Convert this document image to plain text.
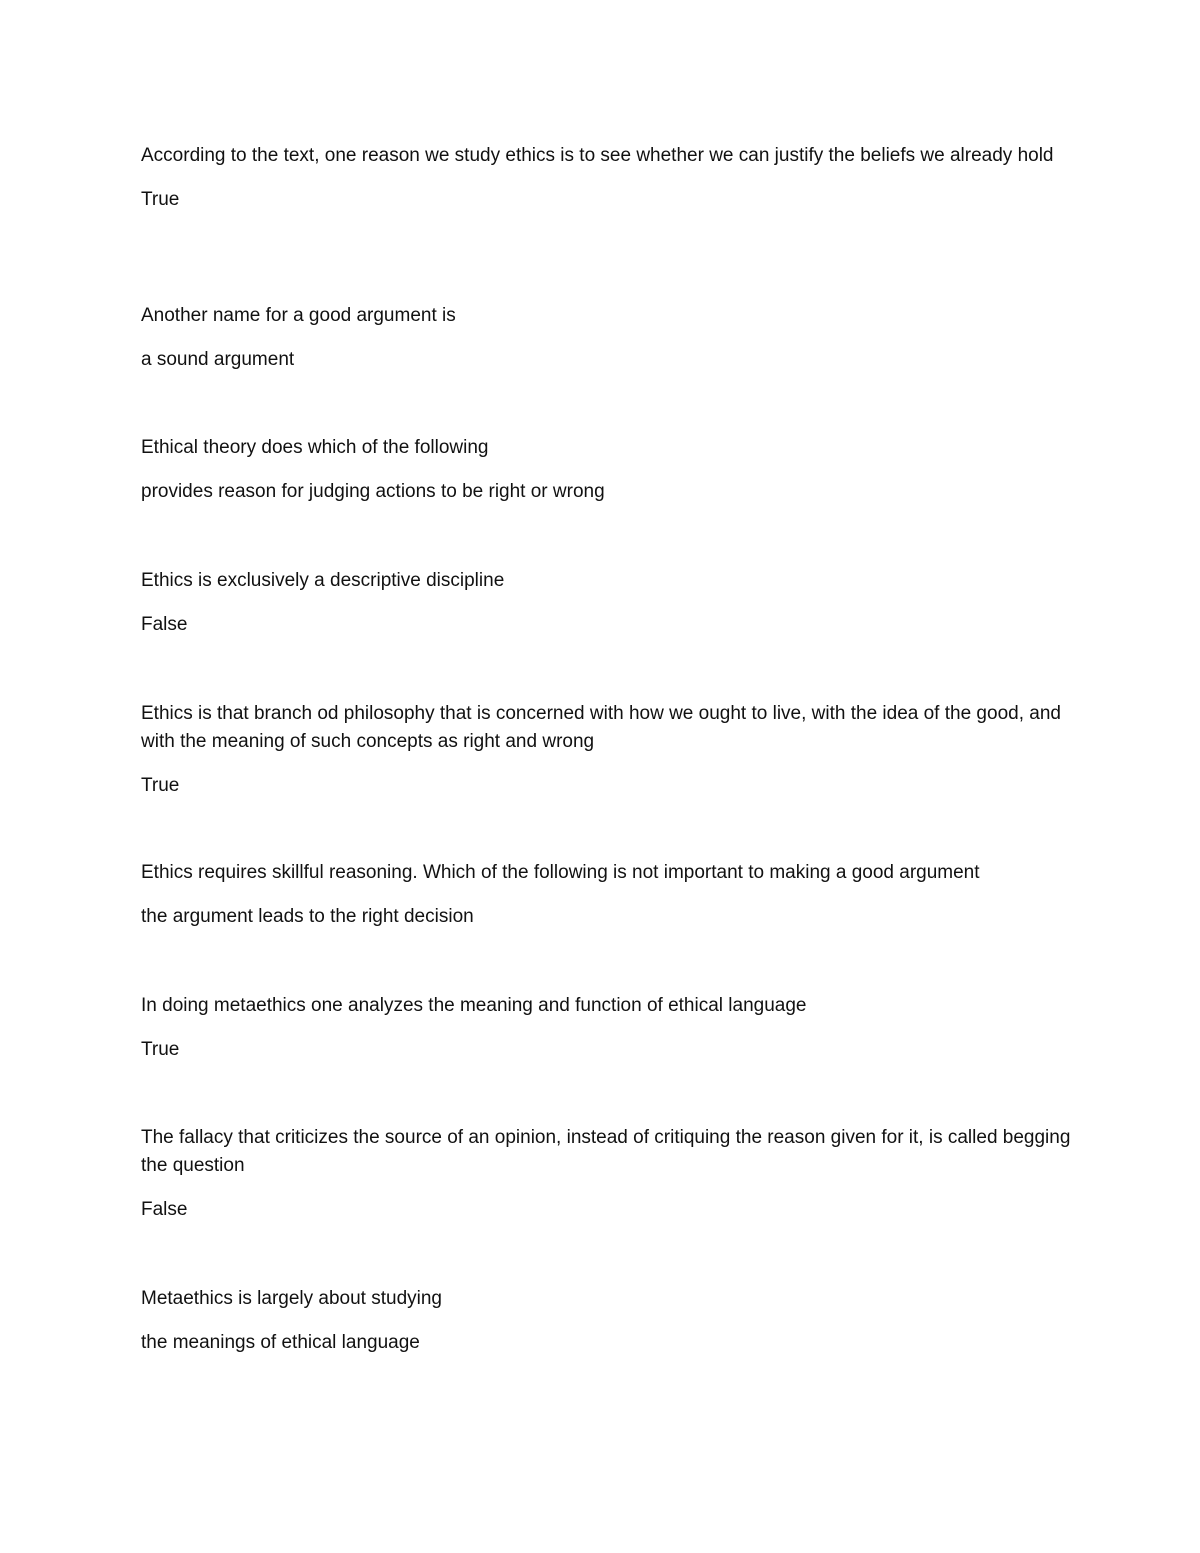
According to the text, one reason we study ethics is to see whether we can justify the beliefs we already hold

True

Another name for a good argument is

a sound argument

Ethical theory does which of the following

provides reason for judging actions to be right or wrong

Ethics is exclusively a descriptive discipline

False

Ethics is that branch od philosophy that is concerned with how we ought to live, with the idea of the good, and with the meaning of such concepts as right and wrong

True

Ethics requires skillful reasoning. Which of the following is not important to making a good argument

the argument leads to the right decision

In doing metaethics one analyzes the meaning and function of ethical language

True

The fallacy that criticizes the source of an opinion, instead of critiquing the reason given for it, is called begging the question

False

Metaethics is largely about studying

the meanings of ethical language
